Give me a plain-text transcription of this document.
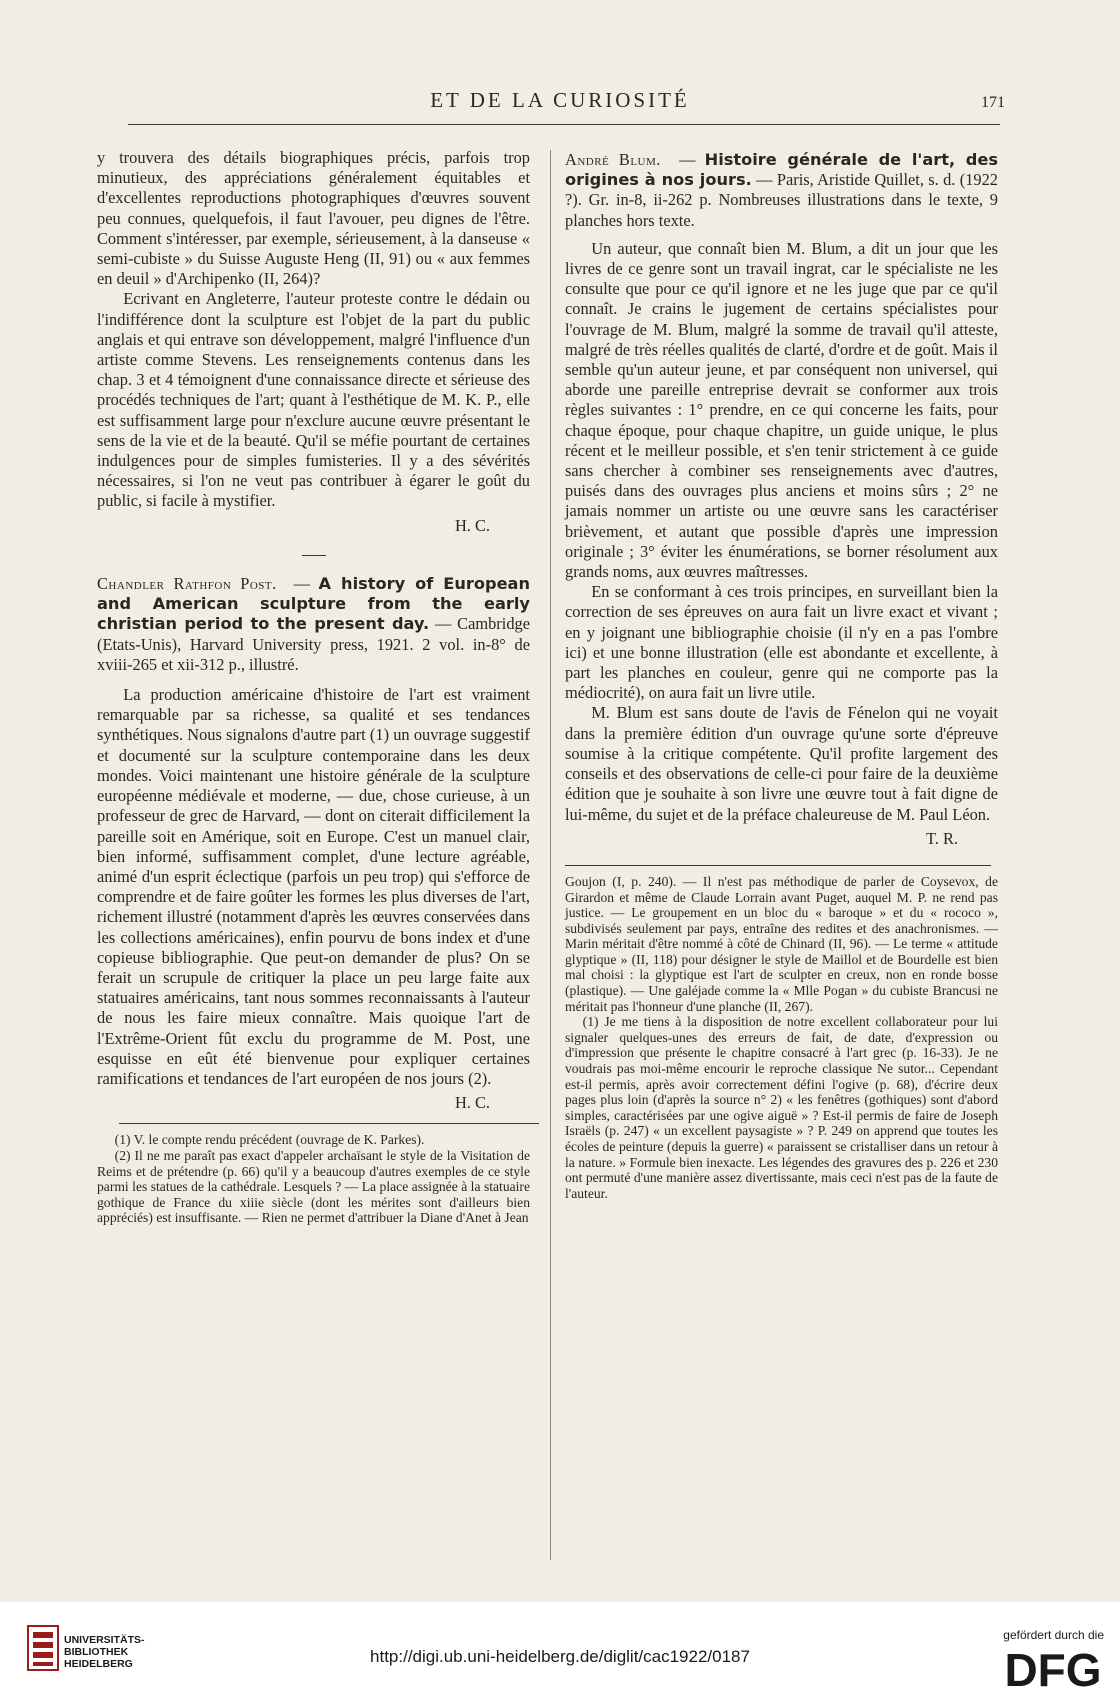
ET DE LA CURIOSITÉ	171

y trouvera des détails biographiques précis, parfois trop minutieux, des appréciations généralement équitables et d'excellentes reproductions photographiques d'œuvres souvent peu connues, quelquefois, il faut l'avouer, peu dignes de l'être. Comment s'intéresser, par exemple, sérieusement, à la danseuse « semi-cubiste » du Suisse Auguste Heng (II, 91) ou « aux femmes en deuil » d'Archipenko (II, 264)?

Ecrivant en Angleterre, l'auteur proteste contre le dédain ou l'indifférence dont la sculpture est l'objet de la part du public anglais et qui entrave son développement, malgré l'influence d'un artiste comme Stevens. Les renseignements contenus dans les chap. 3 et 4 témoignent d'une connaissance directe et sérieuse des procédés techniques de l'art; quant à l'esthétique de M. K. P., elle est suffisamment large pour n'exclure aucune œuvre présentant le sens de la vie et de la beauté. Qu'il se méfie pourtant de certaines indulgences pour de simples fumisteries. Il y a des sévérités nécessaires, si l'on ne veut pas contribuer à égarer le goût du public, si facile à mystifier.

H. C.

Chandler Rathfon Post.  — A history of European and American sculpture from the early christian period to the present day. — Cambridge (Etats-Unis), Harvard University press, 1921. 2 vol. in-8° de xviii-265 et xii-312 p., illustré.

La production américaine d'histoire de l'art est vraiment remarquable par sa richesse, sa qualité et ses tendances synthétiques. Nous signalons d'autre part (1) un ouvrage suggestif et documenté sur la sculpture contemporaine dans les deux mondes. Voici maintenant une histoire générale de la sculpture européenne médiévale et moderne, — due, chose curieuse, à un professeur de grec de Harvard, — dont on citerait difficilement la pareille soit en Amérique, soit en Europe. C'est un manuel clair, bien informé, suffisamment complet, d'une lecture agréable, animé d'un esprit éclectique (parfois un peu trop) qui s'efforce de comprendre et de faire goûter les formes les plus diverses de l'art, richement illustré (notamment d'après les œuvres conservées dans les collections américaines), enfin pourvu de bons index et d'une copieuse bibliographie. Que peut-on demander de plus? On se ferait un scrupule de critiquer la place un peu large faite aux statuaires américains, tant nous sommes reconnaissants à l'auteur de nous les faire mieux connaître. Mais quoique l'art de l'Extrême-Orient fût exclu du programme de M. Post, une esquisse en eût été bienvenue pour expliquer certaines ramifications et tendances de l'art européen de nos jours (2).

H. C.

(1) V. le compte rendu précédent (ouvrage de K. Parkes).

(2) Il ne me paraît pas exact d'appeler archaïsant le style de la Visitation de Reims et de prétendre (p. 66) qu'il y a beaucoup d'autres exemples de ce style parmi les statues de la cathédrale. Lesquels ? — La place assignée à la statuaire gothique de France du xiiie siècle (dont les mérites sont d'ailleurs bien appréciés) est insuffisante. — Rien ne permet d'attribuer la Diane d'Anet à Jean

André Blum.  — Histoire générale de l'art, des origines à nos jours. — Paris, Aristide Quillet, s. d. (1922 ?). Gr. in-8, ii-262 p. Nombreuses illustrations dans le texte, 9 planches hors texte.

Un auteur, que connaît bien M. Blum, a dit un jour que les livres de ce genre sont un travail ingrat, car le spécialiste ne les consulte que pour ce qu'il ignore et ne les juge que par ce qu'il connaît. Je crains le jugement de certains spécialistes pour l'ouvrage de M. Blum, malgré la somme de travail qu'il atteste, malgré de très réelles qualités de clarté, d'ordre et de goût. Mais il semble qu'un auteur jeune, et par conséquent non universel, qui aborde une pareille entreprise devrait se conformer aux trois règles suivantes : 1° prendre, en ce qui concerne les faits, pour chaque époque, pour chaque chapitre, un guide unique, le plus récent et le meilleur possible, et s'en tenir strictement à ce guide sans chercher à combiner ses renseignements avec d'autres, puisés dans des ouvrages plus anciens et moins sûrs ; 2° ne jamais nommer un artiste ou une œuvre sans les caractériser brièvement, et autant que possible d'après une impression originale ; 3° éviter les énumérations, se borner résolument aux grands noms, aux œuvres maîtresses.

En se conformant à ces trois principes, en surveillant bien la correction de ses épreuves on aura fait un livre exact et vivant ; en y joignant une bibliographie choisie (il n'y en a pas l'ombre ici) et une bonne illustration (elle est abondante et excellente, à part les planches en couleur, genre qui ne comporte pas la médiocrité), on aura fait un livre utile.

M. Blum est sans doute de l'avis de Fénelon qui ne voyait dans la première édition d'un ouvrage qu'une sorte d'épreuve soumise à la critique compétente. Qu'il profite largement des conseils et des observations de celle-ci pour faire de la deuxième édition que je souhaite à son livre une œuvre tout à fait digne de lui-même, du sujet et de la préface chaleureuse de M. Paul Léon.

T. R.

Goujon (I, p. 240). — Il n'est pas méthodique de parler de Coysevox, de Girardon et même de Claude Lorrain avant Puget, auquel M. P. ne rend pas justice. — Le groupement en un bloc du « baroque » et du « rococo », subdivisés seulement par pays, entraîne des redites et des anachronismes. — Marin méritait d'être nommé à côté de Chinard (II, 96). — Le terme « attitude glyptique » (II, 118) pour désigner le style de Maillol et de Bourdelle est bien mal choisi : la glyptique est l'art de sculpter en creux, non en ronde bosse (plastique). — Une galéjade comme la « Mlle Pogan » du cubiste Brancusi ne méritait pas l'honneur d'une planche (II, 267).

(1) Je me tiens à la disposition de notre excellent collaborateur pour lui signaler quelques-unes des erreurs de fait, de date, d'expression ou d'impression que présente le chapitre consacré à l'art grec (p. 16-33). Je ne voudrais pas moi-même encourir le reproche classique Ne sutor... Cependant est-il permis, après avoir correctement défini l'ogive (p. 68), d'écrire deux pages plus loin (d'après la source n° 2) « les fenêtres (gothiques) sont d'abord simples, caractérisées par une ogive aiguë » ? Est-il permis de faire de Joseph Israëls (p. 247) « un excellent paysagiste » ? P. 249 on apprend que toutes les écoles de peinture (depuis la guerre) « paraissent se cristalliser dans un retour à la nature. » Formule bien inexacte. Les légendes des gravures des p. 226 et 230 ont permuté d'une manière assez divertissante, mais ceci n'est pas de la faute de l'auteur.

UNIVERSITÄTS-
BIBLIOTHEK
HEIDELBERG	http://digi.ub.uni-heidelberg.de/diglit/cac1922/0187
gefördert durch die
DFG
